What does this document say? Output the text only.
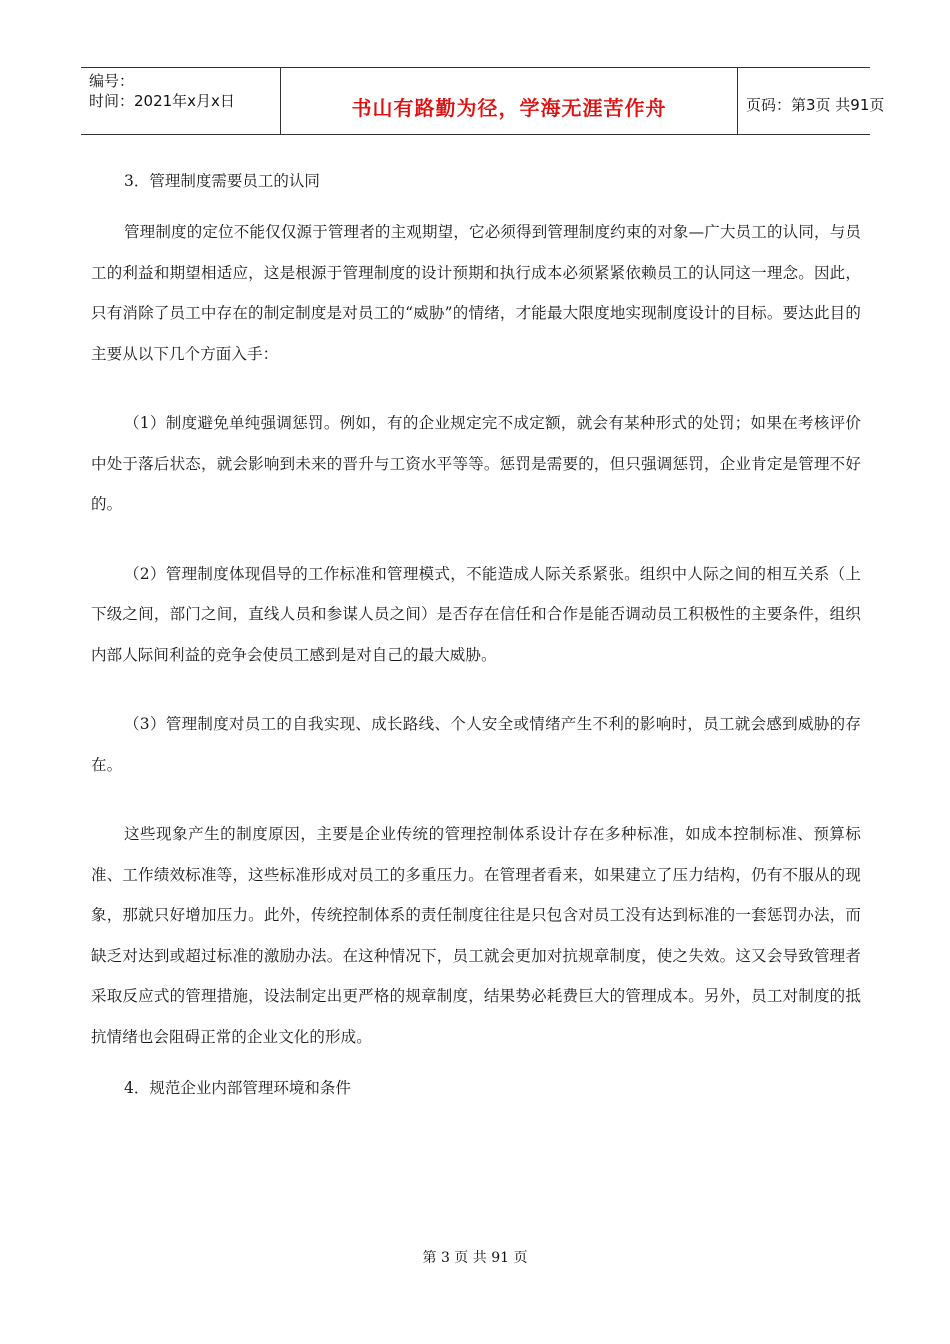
编号：
时间：2021年x月x日	书山有路勤为径，学海无涯苦作舟	页码：第3页 共91页

3．管理制度需要员工的认同

管理制度的定位不能仅仅源于管理者的主观期望，它必须得到管理制度约束的对象—广大员工的认同，与员工的利益和期望相适应，这是根源于管理制度的设计预期和执行成本必须紧紧依赖员工的认同这一理念。因此，只有消除了员工中存在的制定制度是对员工的“威胁”的情绪，才能最大限度地实现制度设计的目标。要达此目的主要从以下几个方面入手：

（1）制度避免单纯强调惩罚。例如，有的企业规定完不成定额，就会有某种形式的处罚；如果在考核评价中处于落后状态，就会影响到未来的晋升与工资水平等等。惩罚是需要的，但只强调惩罚，企业肯定是管理不好的。

（2）管理制度体现倡导的工作标准和管理模式，不能造成人际关系紧张。组织中人际之间的相互关系（上下级之间，部门之间，直线人员和参谋人员之间）是否存在信任和合作是能否调动员工积极性的主要条件，组织内部人际间利益的竞争会使员工感到是对自己的最大威胁。

（3）管理制度对员工的自我实现、成长路线、个人安全或情绪产生不利的影响时，员工就会感到威胁的存在。

这些现象产生的制度原因，主要是企业传统的管理控制体系设计存在多种标准，如成本控制标准、预算标准、工作绩效标准等，这些标准形成对员工的多重压力。在管理者看来，如果建立了压力结构，仍有不服从的现象，那就只好增加压力。此外，传统控制体系的责任制度往往是只包含对员工没有达到标准的一套惩罚办法，而缺乏对达到或超过标准的激励办法。在这种情况下，员工就会更加对抗规章制度，使之失效。这又会导致管理者采取反应式的管理措施，设法制定出更严格的规章制度，结果势必耗费巨大的管理成本。另外，员工对制度的抵抗情绪也会阻碍正常的企业文化的形成。

4．规范企业内部管理环境和条件

第 3 页 共 91 页
